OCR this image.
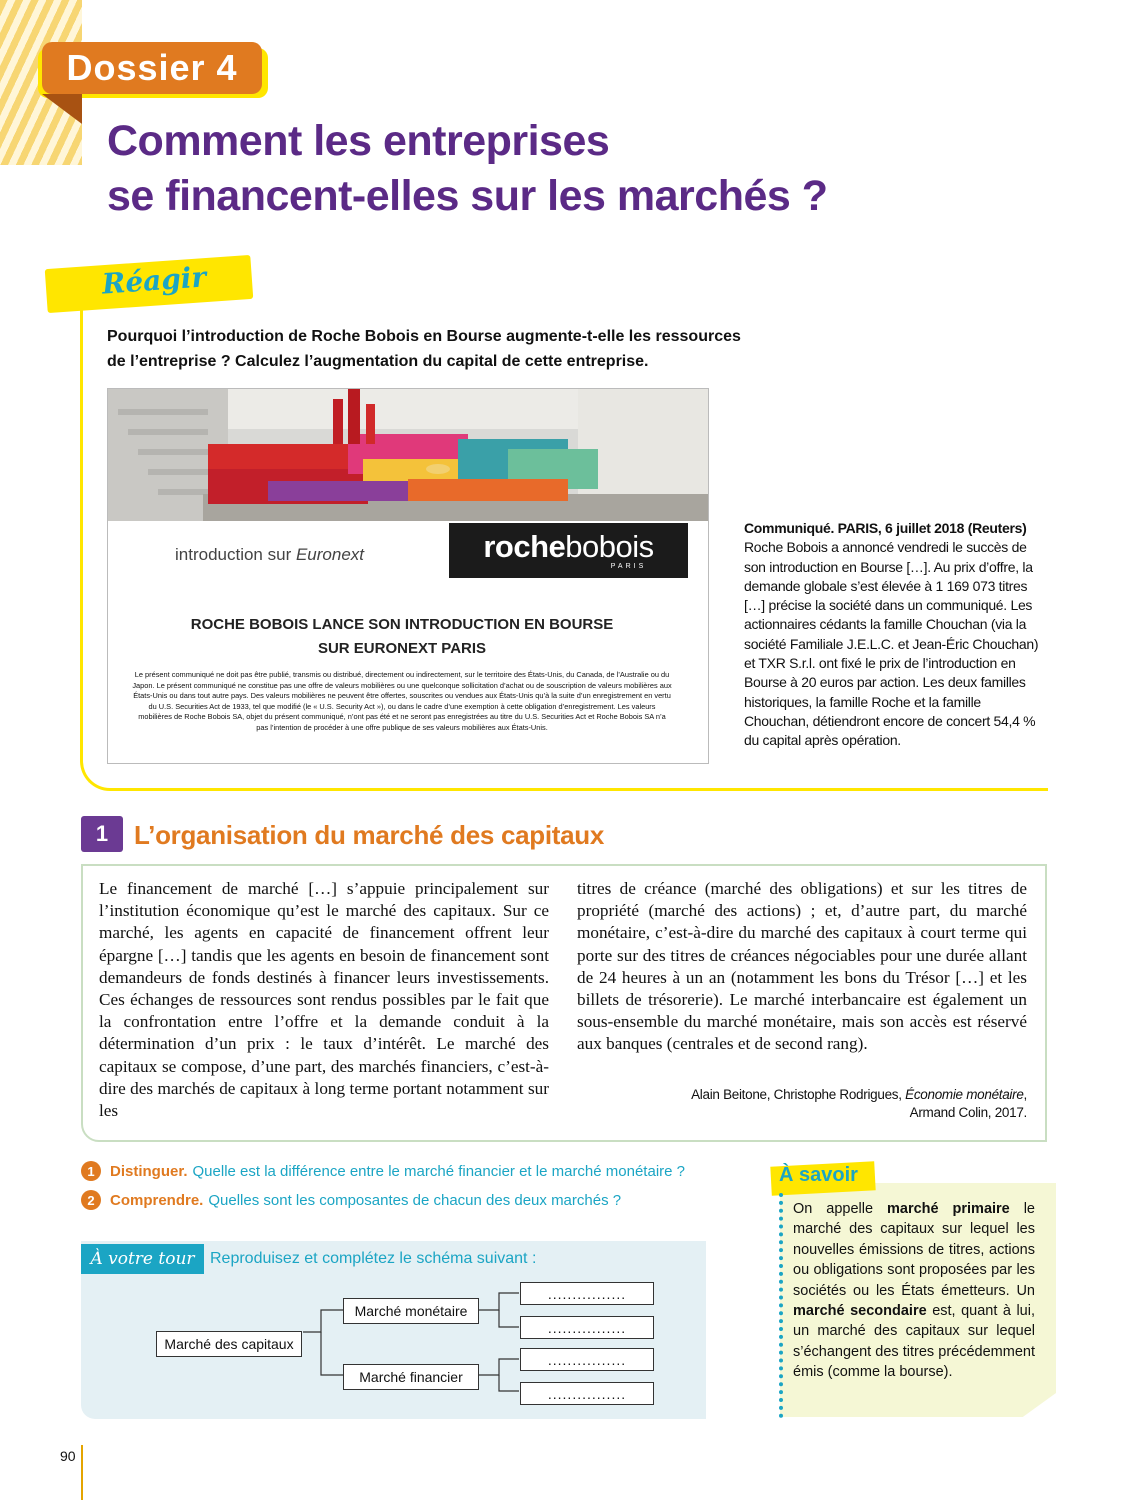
Dossier 4
Comment les entreprises
se financent-elles sur les marchés ?
Réagir
Pourquoi l’introduction de Roche Bobois en Bourse augmente-t-elle les ressources
de l’entreprise ? Calculez l’augmentation du capital de cette entreprise.
introduction sur Euronext	rochebobois
PARIS
ROCHE BOBOIS LANCE SON INTRODUCTION EN BOURSE
SUR EURONEXT PARIS
Le présent communiqué ne doit pas être publié, transmis ou distribué, directement ou indirectement, sur le territoire des États-Unis, du Canada, de l’Australie ou du Japon. Le présent communiqué ne constitue pas une offre de valeurs mobilières ou une quelconque sollicitation d’achat ou de souscription de valeurs mobilières aux États-Unis ou dans tout autre pays. Des valeurs mobilières ne peuvent être offertes, souscrites ou vendues aux États-Unis qu’à la suite d’un enregistrement en vertu du U.S. Securities Act de 1933, tel que modifié (le « U.S. Security Act »), ou dans le cadre d’une exemption à cette obligation d’enregistrement. Les valeurs mobilières de Roche Bobois SA, objet du présent communiqué, n’ont pas été et ne seront pas enregistrées au titre du U.S. Securities Act et Roche Bobois SA n’a pas l’intention de procéder à une offre publique de ses valeurs mobilières aux États-Unis.
Communiqué. PARIS, 6 juillet 2018 (Reuters)
Roche Bobois a annoncé vendredi le succès de son introduction en Bourse […]. Au prix d’offre, la demande globale s’est élevée à 1 169 073 titres […] précise la société dans un communiqué. Les actionnaires cédants la famille Chouchan (via la société Familiale J.E.L.C. et Jean-Éric Chouchan) et TXR S.r.l. ont fixé le prix de l’introduction en Bourse à 20 euros par action. Les deux familles historiques, la famille Roche et la famille Chouchan, détiendront encore de concert 54,4 % du capital après opération.
1 L’organisation du marché des capitaux
Le financement de marché […] s’appuie principalement sur l’institution économique qu’est le marché des capitaux. Sur ce marché, les agents en capacité de financement offrent leur épargne […] tandis que les agents en besoin de financement sont demandeurs de fonds destinés à financer leurs investissements. Ces échanges de ressources sont rendus possibles par le fait que la confrontation entre l’offre et la demande conduit à la détermination d’un prix : le taux d’intérêt. Le marché des capitaux se compose, d’une part, des marchés financiers, c’est-à-dire des marchés de capitaux à long terme portant notamment sur les
titres de créance (marché des obligations) et sur les titres de propriété (marché des actions) ; et, d’autre part, du marché monétaire, c’est-à-dire du marché des capitaux à court terme qui porte sur des titres de créances négociables pour une durée allant de 24 heures à un an (notamment les bons du Trésor […] et les billets de trésorerie). Le marché interbancaire est également un sous-ensemble du marché monétaire, mais son accès est réservé aux banques (centrales et de second rang).
Alain Beitone, Christophe Rodrigues, Économie monétaire,
Armand Colin, 2017.
1	Distinguer. Quelle est la différence entre le marché financier et le marché monétaire ?
2	Comprendre. Quelles sont les composantes de chacun des deux marchés ?
À votre tour Reproduisez et complétez le schéma suivant :
Marché des capitaux
Marché monétaire
Marché financier
................
................
................
................
À savoir
On appelle marché primaire le marché des capitaux sur lequel les nouvelles émissions de titres, actions ou obligations sont proposées par les sociétés ou les États émetteurs. Un marché secondaire est, quant à lui, un marché des capitaux sur lequel s’échangent des titres précédemment émis (comme la bourse).
90
